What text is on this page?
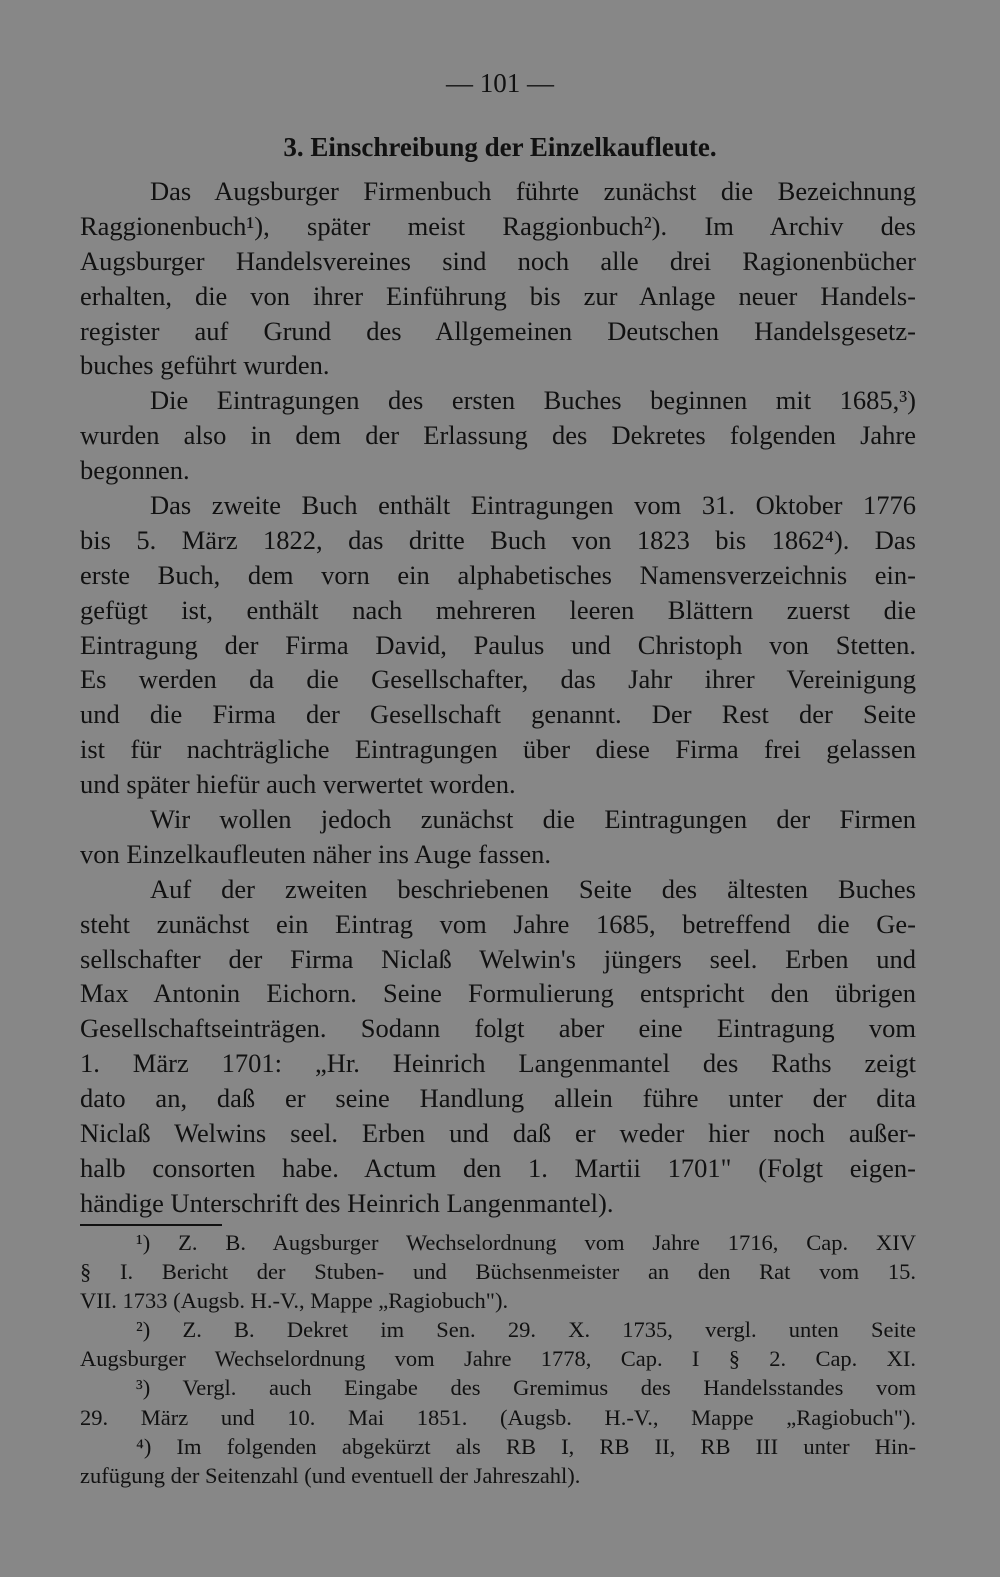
— 101 —
3. Einschreibung der Einzelkaufleute.
Das Augsburger Firmenbuch führte zunächst die Bezeichnung
Raggionenbuch¹), später meist Raggionbuch²). Im Archiv des
Augsburger Handelsvereines sind noch alle drei Ragionenbücher
erhalten, die von ihrer Einführung bis zur Anlage neuer Handels-
register auf Grund des Allgemeinen Deutschen Handelsgesetz-
buches geführt wurden.
Die Eintragungen des ersten Buches beginnen mit 1685,³)
wurden also in dem der Erlassung des Dekretes folgenden Jahre
begonnen.
Das zweite Buch enthält Eintragungen vom 31. Oktober 1776
bis 5. März 1822, das dritte Buch von 1823 bis 1862⁴). Das
erste Buch, dem vorn ein alphabetisches Namensverzeichnis ein-
gefügt ist, enthält nach mehreren leeren Blättern zuerst die
Eintragung der Firma David, Paulus und Christoph von Stetten.
Es werden da die Gesellschafter, das Jahr ihrer Vereinigung
und die Firma der Gesellschaft genannt. Der Rest der Seite
ist für nachträgliche Eintragungen über diese Firma frei gelassen
und später hiefür auch verwertet worden.
Wir wollen jedoch zunächst die Eintragungen der Firmen
von Einzelkaufleuten näher ins Auge fassen.
Auf der zweiten beschriebenen Seite des ältesten Buches
steht zunächst ein Eintrag vom Jahre 1685, betreffend die Ge-
sellschafter der Firma Niclaß Welwin's jüngers seel. Erben und
Max Antonin Eichorn. Seine Formulierung entspricht den übrigen
Gesellschaftseinträgen. Sodann folgt aber eine Eintragung vom
1. März 1701: „Hr. Heinrich Langenmantel des Raths zeigt
dato an, daß er seine Handlung allein führe unter der dita
Niclaß Welwins seel. Erben und daß er weder hier noch außer-
halb consorten habe. Actum den 1. Martii 1701" (Folgt eigen-
händige Unterschrift des Heinrich Langenmantel).
¹) Z. B. Augsburger Wechselordnung vom Jahre 1716, Cap. XIV
§ I. Bericht der Stuben- und Büchsenmeister an den Rat vom 15.
VII. 1733 (Augsb. H.-V., Mappe „Ragiobuch").
²) Z. B. Dekret im Sen. 29. X. 1735, vergl. unten Seite
Augsburger Wechselordnung vom Jahre 1778, Cap. I § 2. Cap. XI.
³) Vergl. auch Eingabe des Gremimus des Handelsstandes vom
29. März und 10. Mai 1851. (Augsb. H.-V., Mappe „Ragiobuch").
⁴) Im folgenden abgekürzt als RB I, RB II, RB III unter Hin-
zufügung der Seitenzahl (und eventuell der Jahreszahl).
